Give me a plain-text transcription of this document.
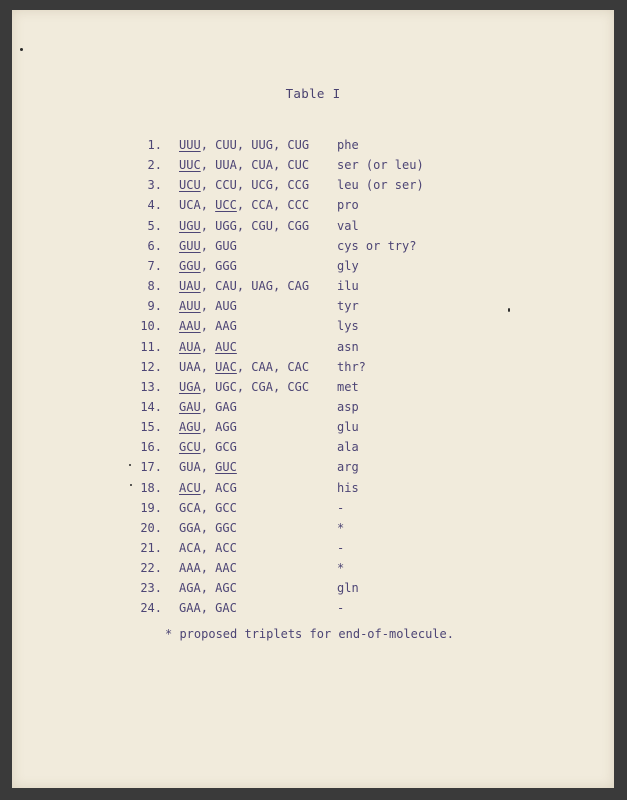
Table I
1. UUU, CUU, UUG, CUG phe
2. UUC, UUA, CUA, CUC ser (or leu)
3. UCU, CCU, UCG, CCG leu (or ser)
4. UCA, UCC, CCA, CCC pro
5. UGU, UGG, CGU, CGG val
6. GUU, GUG	cys or try?
7. GGU, GGG	gly
8. UAU, CAU, UAG, CAG ilu
9. AUU, AUG	tyr
10. AAU, AAG	lys
11. AUA, AUC	asn
12. UAA, UAC, CAA, CAC thr?
13. UGA, UGC, CGA, CGC met
14. GAU, GAG	asp
15. AGU, AGG	glu
16. GCU, GCG	ala
17. GUA, GUC	arg
18. ACU, ACG	his
19. GCA, GCC	-
20. GGA, GGC	*
21. ACA, ACC	-
22. AAA, AAC	*
23. AGA, AGC	gln
24. GAA, GAC	-
* proposed triplets for end-of-molecule.
